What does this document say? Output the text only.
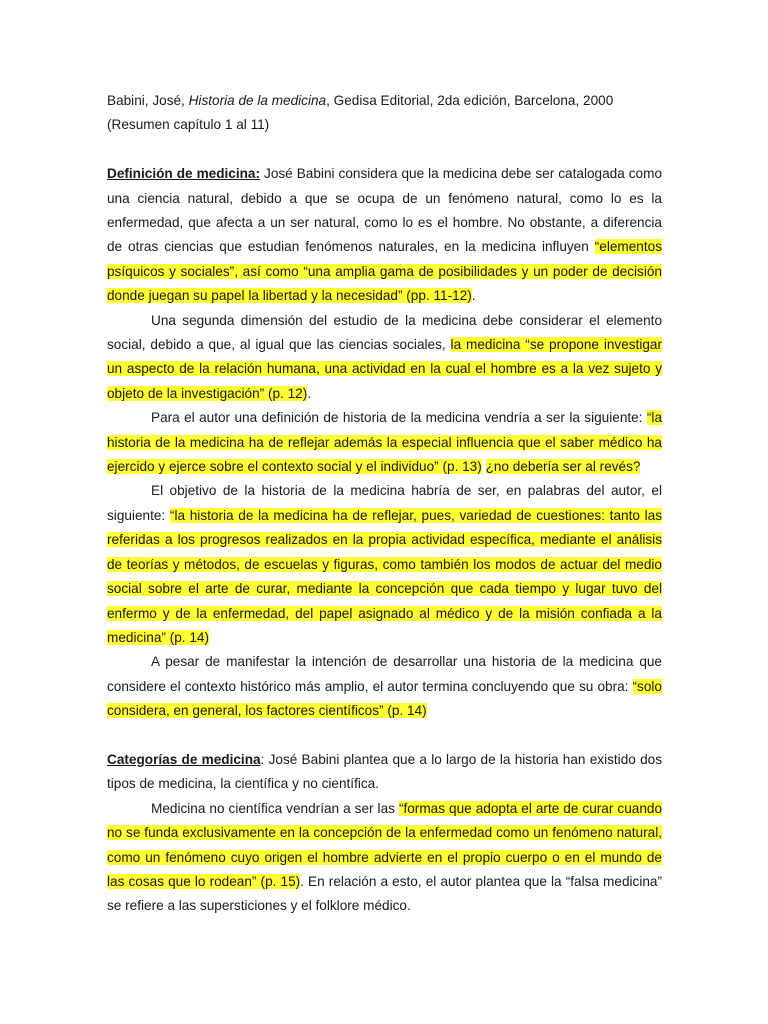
Babini, José, Historia de la medicina, Gedisa Editorial, 2da edición, Barcelona, 2000

(Resumen capítulo 1 al 11)

Definición de medicina: José Babini considera que la medicina debe ser catalogada como una ciencia natural, debido a que se ocupa de un fenómeno natural, como lo es la enfermedad, que afecta a un ser natural, como lo es el hombre. No obstante, a diferencia de otras ciencias que estudian fenómenos naturales, en la medicina influyen “elementos psíquicos y sociales”, así como “una amplia gama de posibilidades y un poder de decisión donde juegan su papel la libertad y la necesidad” (pp. 11-12).

Una segunda dimensión del estudio de la medicina debe considerar el elemento social, debido a que, al igual que las ciencias sociales, la medicina “se propone investigar un aspecto de la relación humana, una actividad en la cual el hombre es a la vez sujeto y objeto de la investigación” (p. 12).

Para el autor una definición de historia de la medicina vendría a ser la siguiente: “la historia de la medicina ha de reflejar además la especial influencia que el saber médico ha ejercido y ejerce sobre el contexto social y el individuo” (p. 13) ¿no debería ser al revés?

El objetivo de la historia de la medicina habría de ser, en palabras del autor, el siguiente: “la historia de la medicina ha de reflejar, pues, variedad de cuestiones: tanto las referidas a los progresos realizados en la propia actividad específica, mediante el análisis de teorías y métodos, de escuelas y figuras, como también los modos de actuar del medio social sobre el arte de curar, mediante la concepción que cada tiempo y lugar tuvo del enfermo y de la enfermedad, del papel asignado al médico y de la misión confiada a la medicina” (p. 14)

A pesar de manifestar la intención de desarrollar una historia de la medicina que considere el contexto histórico más amplio, el autor termina concluyendo que su obra: “solo considera, en general, los factores científicos” (p. 14)

Categorías de medicina: José Babini plantea que a lo largo de la historia han existido dos tipos de medicina, la científica y no científica.

Medicina no científica vendrían a ser las “formas que adopta el arte de curar cuando no se funda exclusivamente en la concepción de la enfermedad como un fenómeno natural, como un fenómeno cuyo origen el hombre advierte en el propio cuerpo o en el mundo de las cosas que lo rodean” (p. 15). En relación a esto, el autor plantea que la “falsa medicina” se refiere a las supersticiones y el folklore médico.
